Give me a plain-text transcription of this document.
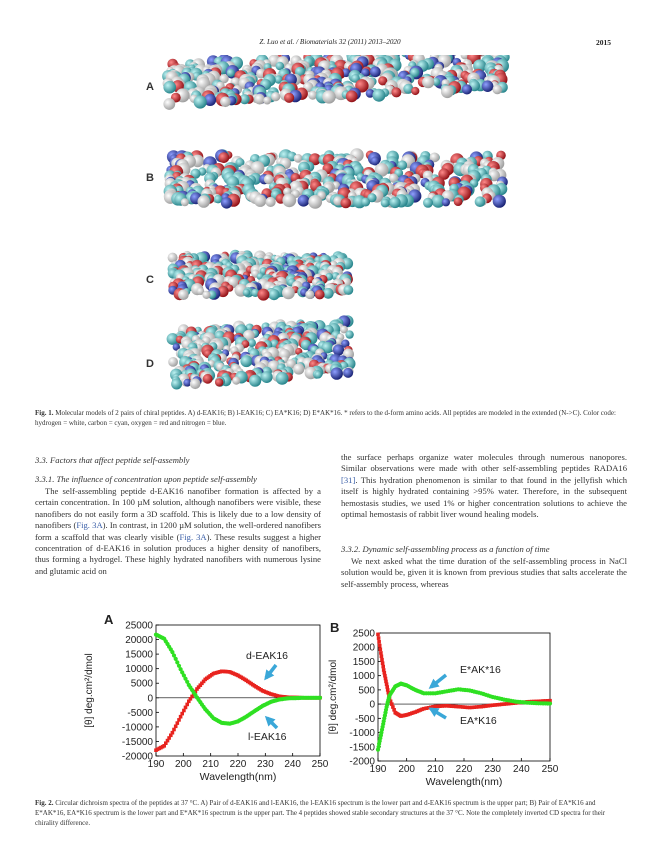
Z. Luo et al. / Biomaterials 32 (2011) 2013–2020	2015
A
B
C
D
Fig. 1. Molecular models of 2 pairs of chiral peptides. A) d-EAK16; B) l-EAK16; C) EA*K16; D) E*AK*16. * refers to the d-form amino acids. All peptides are modeled in the extended (N->C). Color code: hydrogen = white, carbon = cyan, oxygen = red and nitrogen = blue.
3.3. Factors that affect peptide self-assembly
3.3.1. The influence of concentration upon peptide self-assembly

The self-assembling peptide d-EAK16 nanofiber formation is affected by a certain concentration. In 100 µM solution, although nanofibers were visible, these nanofibers do not easily form a 3D scaffold. This is likely due to a low density of nanofibers (Fig. 3A). In contrast, in 1200 µM solution, the well-ordered nanofibers form a scaffold that was clearly visible (Fig. 3A). These results suggest a higher concentration of d-EAK16 in solution produces a higher density of nanofibers, thus forming a hydrogel. These highly hydrated nanofibers with numerous lysine and glutamic acid on

the surface perhaps organize water molecules through numerous nanopores. Similar observations were made with other self-assembling peptides RADA16 [31]. This hydration phenomenon is similar to that found in the jellyfish which itself is highly hydrated containing >95% water. Therefore, in the subsequent hemostasis studies, we used 1% or higher concentration solutions to achieve the optimal hemostasis of rabbit liver wound healing models.

3.3.2. Dynamic self-assembling process as a function of time

We next asked what the time duration of the self-assembling process in NaCl solution would be, given it is known from previous studies that salts accelerate the self-assembly process, whereas

190 200 210 220 230 240 250
-20000
-15000
-10000
-5000
0
5000
10000
15000
20000
25000
Wavelength(nm)
[θ] deg.cm²/dmol
A
d-EAK16
l-EAK16
190 200 210 220 230 240 250
-2000
-1500
-1000
-500
0
500
1000
1500
2000
2500
Wavelength(nm)
[θ] deg.cm²/dmol
B
E*AK*16
EA*K16
Fig. 2. Circular dichroism spectra of the peptides at 37 °C. A) Pair of d-EAK16 and l-EAK16, the l-EAK16 spectrum is the lower part and d-EAK16 spectrum is the upper part; B) Pair of EA*K16 and E*AK*16, EA*K16 spectrum is the lower part and E*AK*16 spectrum is the upper part. The 4 peptides showed stable secondary structures at the 37 °C. Note the completely inverted CD spectra for their chirality difference.
